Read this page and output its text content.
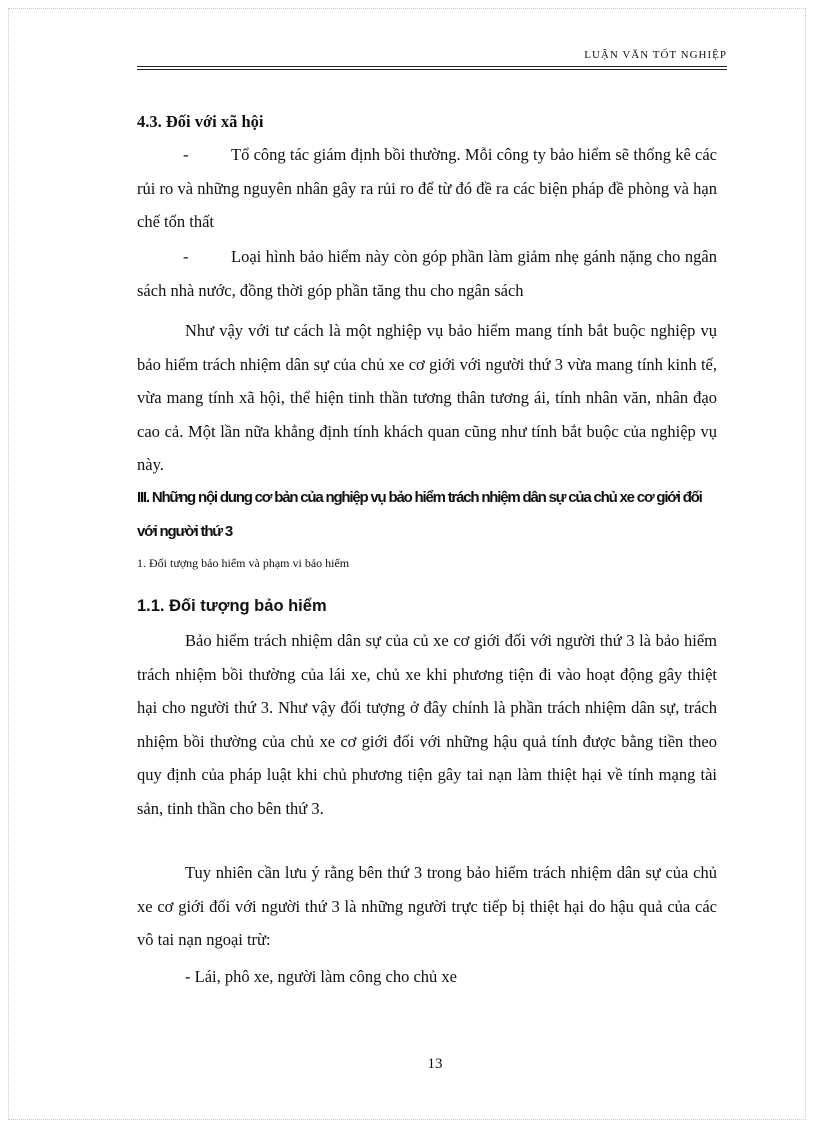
LUẬN VĂN TỐT NGHIỆP
4.3. Đối với xã hội
-	Tổ công tác giám định bồi thường. Mỗi công ty bảo hiểm sẽ thống kê các rủi ro và những nguyên nhân gây ra rủi ro để từ đó đề ra các biện pháp đề phòng và hạn chế tổn thất
-	Loại hình bảo hiểm này còn góp phần làm giảm nhẹ gánh nặng cho ngân sách nhà nước, đồng thời góp phần tăng thu cho ngân sách
Như vậy với tư cách là một nghiệp vụ bảo hiểm mang tính bắt buộc nghiệp vụ bảo hiểm trách nhiệm dân sự của chủ xe cơ giới với người thứ 3 vừa mang tính kinh tế, vừa mang tính xã hội, thể hiện tinh thần tương thân tương ái, tính nhân văn, nhân đạo cao cả. Một lần nữa khẳng định tính khách quan cũng như tính bắt buộc của nghiệp vụ này.
III. Những nội dung cơ bản của nghiệp vụ bảo hiểm trách nhiệm dân sự của chủ xe cơ giới đối với người thứ 3
1. Đối tượng bảo hiểm và phạm vi bảo hiểm
1.1. Đối tượng bảo hiểm
Bảo hiểm trách nhiệm dân sự của củ xe cơ giới đối với người thứ 3 là bảo hiểm trách nhiệm bồi thường của lái xe, chủ xe khi phương tiện đi vào hoạt động gây thiệt hại cho người thứ 3. Như vậy đối tượng ở đây chính là phần trách nhiệm dân sự, trách nhiệm bồi thường của chủ xe cơ giới đối với những hậu quả tính được bằng tiền theo quy định của pháp luật khi chủ phương tiện gây tai nạn làm thiệt hại về tính mạng tài sản, tinh thần cho bên thứ 3.
Tuy nhiên cần lưu ý rằng bên thứ 3 trong bảo hiểm trách nhiệm dân sự của chủ xe cơ giới đối với người thứ 3 là những người trực tiếp bị thiệt hại do hậu quả của các vô tai nạn ngoại trừ:
- Lái, phô xe, người làm công cho chủ xe
13
